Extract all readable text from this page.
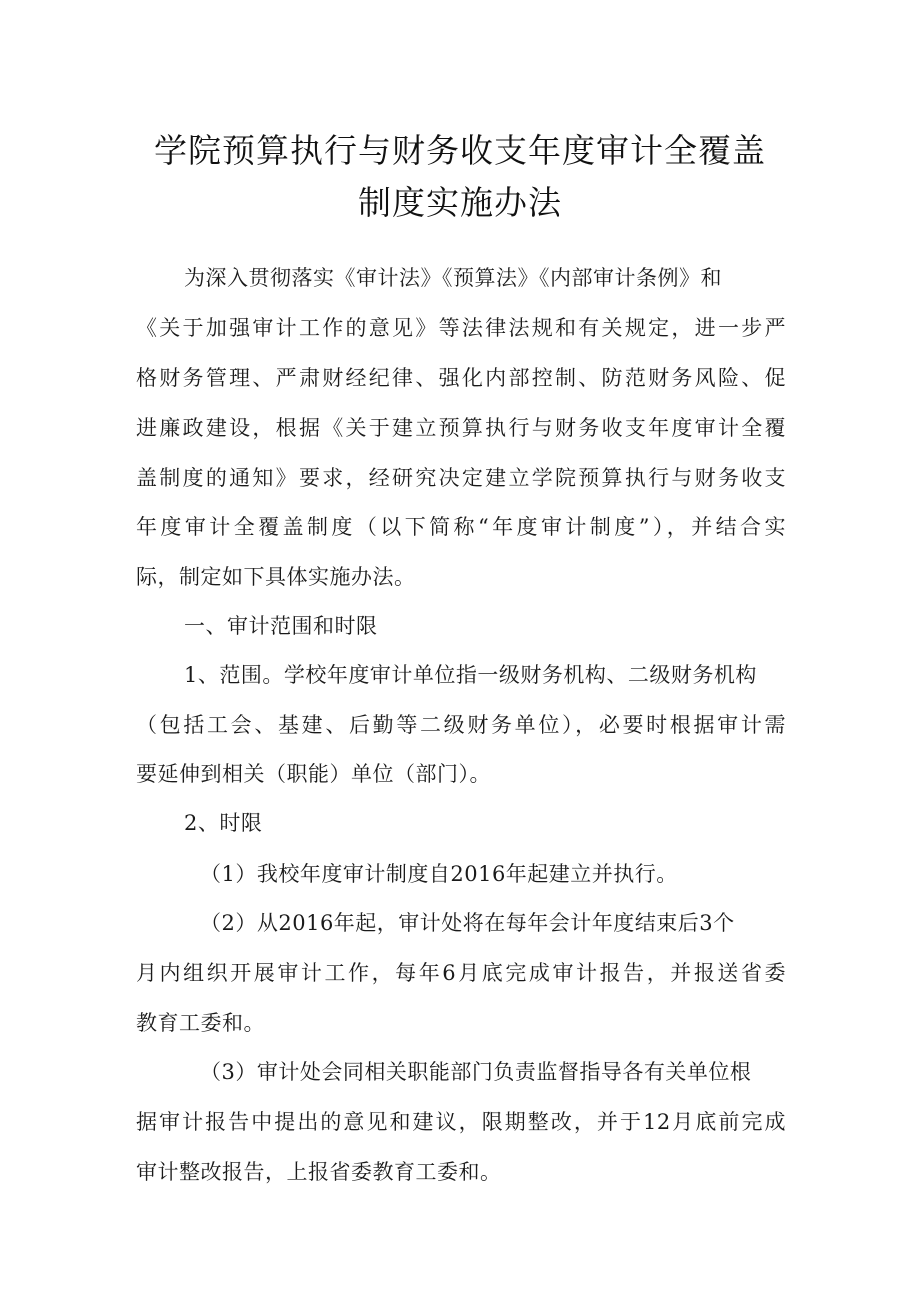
学院预算执行与财务收支年度审计全覆盖
制度实施办法
为深入贯彻落实《审计法》《预算法》《内部审计条例》和
《关于加强审计工作的意见》等法律法规和有关规定，进一步严
格财务管理、严肃财经纪律、强化内部控制、防范财务风险、促
进廉政建设，根据《关于建立预算执行与财务收支年度审计全覆
盖制度的通知》要求，经研究决定建立学院预算执行与财务收支
年度审计全覆盖制度（以下简称“年度审计制度”），并结合实
际，制定如下具体实施办法。
一、审计范围和时限
1、范围。学校年度审计单位指一级财务机构、二级财务机构
（包括工会、基建、后勤等二级财务单位），必要时根据审计需
要延伸到相关（职能）单位（部门）。
2、时限
（1）我校年度审计制度自2016年起建立并执行。
（2）从2016年起，审计处将在每年会计年度结束后3个
月内组织开展审计工作，每年6月底完成审计报告，并报送省委
教育工委和。
（3）审计处会同相关职能部门负责监督指导各有关单位根
据审计报告中提出的意见和建议，限期整改，并于12月底前完成
审计整改报告，上报省委教育工委和。
